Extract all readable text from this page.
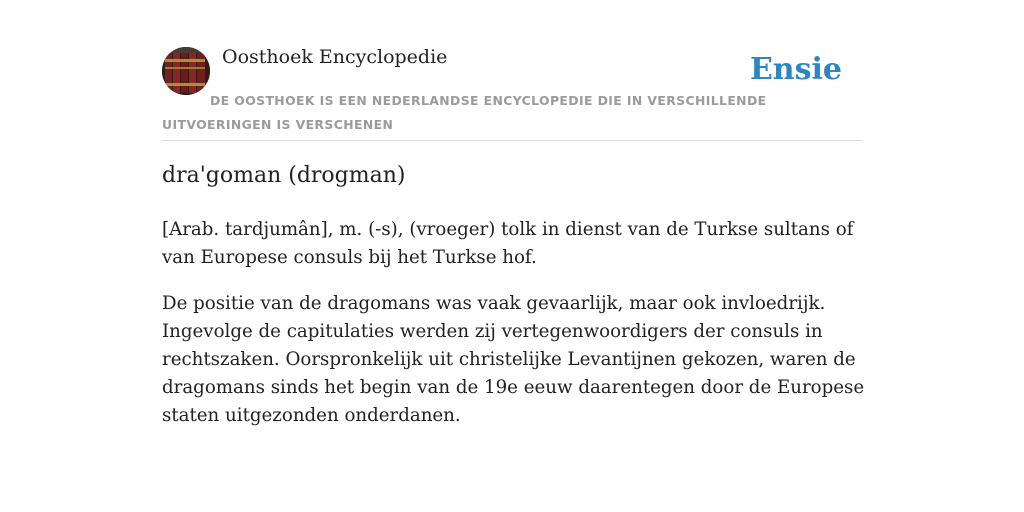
Oosthoek Encyclopedie	Ensie
DE OOSTHOEK IS EEN NEDERLANDSE ENCYCLOPEDIE DIE IN VERSCHILLENDE UITVOERINGEN IS VERSCHENEN
dra'goman (drogman)

[Arab. tardjumân], m. (-s), (vroeger) tolk in dienst van de Turkse sultans of van Europese consuls bij het Turkse hof.

De positie van de dragomans was vaak gevaarlijk, maar ook invloedrijk. Ingevolge de capitulaties werden zij vertegenwoordigers der consuls in rechtszaken. Oorspronkelijk uit christelijke Levantijnen gekozen, waren de dragomans sinds het begin van de 19e eeuw daarentegen door de Europese staten uitgezonden onderdanen.
